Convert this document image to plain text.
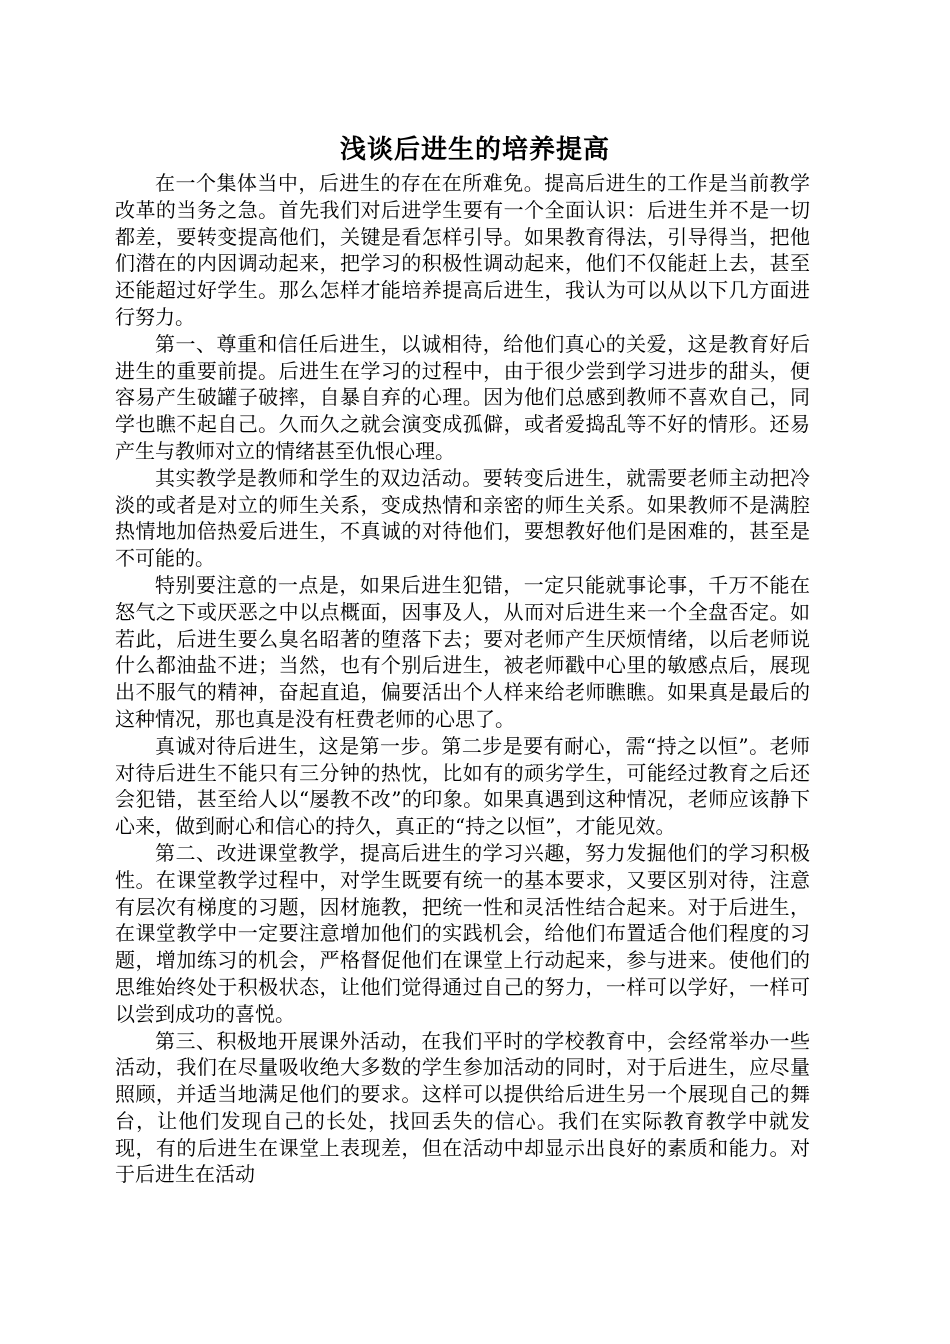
浅谈后进生的培养提高

在一个集体当中，后进生的存在在所难免。提高后进生的工作是当前教学改革的当务之急。首先我们对后进学生要有一个全面认识：后进生并不是一切都差，要转变提高他们，关键是看怎样引导。如果教育得法，引导得当，把他们潜在的内因调动起来，把学习的积极性调动起来，他们不仅能赶上去，甚至还能超过好学生。那么怎样才能培养提高后进生，我认为可以从以下几方面进行努力。

第一、尊重和信任后进生，以诚相待，给他们真心的关爱，这是教育好后进生的重要前提。后进生在学习的过程中，由于很少尝到学习进步的甜头，便容易产生破罐子破摔，自暴自弃的心理。因为他们总感到教师不喜欢自己，同学也瞧不起自己。久而久之就会演变成孤僻，或者爱捣乱等不好的情形。还易产生与教师对立的情绪甚至仇恨心理。

其实教学是教师和学生的双边活动。要转变后进生，就需要老师主动把冷淡的或者是对立的师生关系，变成热情和亲密的师生关系。如果教师不是满腔热情地加倍热爱后进生，不真诚的对待他们，要想教好他们是困难的，甚至是不可能的。

特别要注意的一点是，如果后进生犯错，一定只能就事论事，千万不能在怒气之下或厌恶之中以点概面，因事及人，从而对后进生来一个全盘否定。如若此，后进生要么臭名昭著的堕落下去；要对老师产生厌烦情绪，以后老师说什么都油盐不进；当然，也有个别后进生，被老师戳中心里的敏感点后，展现出不服气的精神，奋起直追，偏要活出个人样来给老师瞧瞧。如果真是最后的这种情况，那也真是没有枉费老师的心思了。

真诚对待后进生，这是第一步。第二步是要有耐心，需“持之以恒”。老师对待后进生不能只有三分钟的热忱，比如有的顽劣学生，可能经过教育之后还会犯错，甚至给人以“屡教不改”的印象。如果真遇到这种情况，老师应该静下心来，做到耐心和信心的持久，真正的“持之以恒”，才能见效。

第二、改进课堂教学，提高后进生的学习兴趣，努力发掘他们的学习积极性。在课堂教学过程中，对学生既要有统一的基本要求，又要区别对待，注意有层次有梯度的习题，因材施教，把统一性和灵活性结合起来。对于后进生，在课堂教学中一定要注意增加他们的实践机会，给他们布置适合他们程度的习题，增加练习的机会，严格督促他们在课堂上行动起来，参与进来。使他们的思维始终处于积极状态，让他们觉得通过自己的努力，一样可以学好，一样可以尝到成功的喜悦。

第三、积极地开展课外活动，在我们平时的学校教育中，会经常举办一些活动，我们在尽量吸收绝大多数的学生参加活动的同时，对于后进生，应尽量照顾，并适当地满足他们的要求。这样可以提供给后进生另一个展现自己的舞台，让他们发现自己的长处，找回丢失的信心。我们在实际教育教学中就发现，有的后进生在课堂上表现差，但在活动中却显示出良好的素质和能力。对于后进生在活动
